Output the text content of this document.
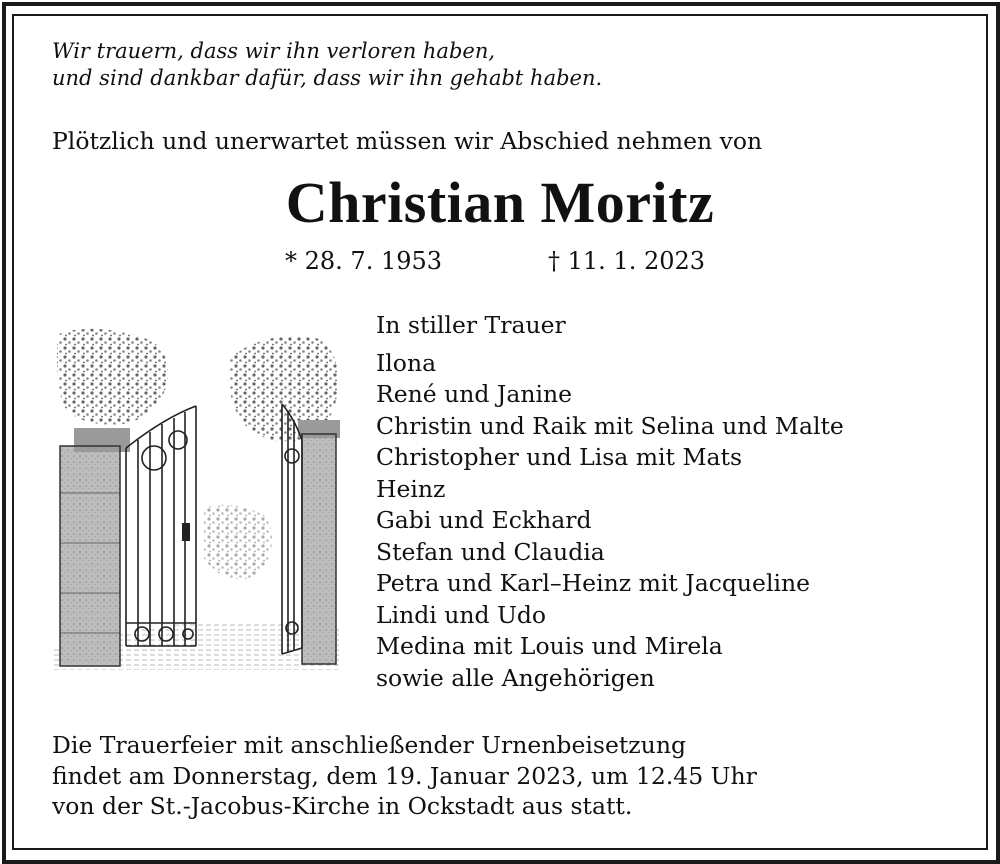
Wir trauern, dass wir ihn verloren haben,
und sind dankbar dafür, dass wir ihn gehabt haben.
Plötzlich und unerwartet müssen wir Abschied nehmen von
Christian Moritz
* 28. 7. 1953	† 11. 1. 2023
In stiller Trauer
Ilona
René und Janine
Christin und Raik mit Selina und Malte
Christopher und Lisa mit Mats
Heinz
Gabi und Eckhard
Stefan und Claudia
Petra und Karl–Heinz mit Jacqueline
Lindi und Udo
Medina mit Louis und Mirela
sowie alle Angehörigen
Die Trauerfeier mit anschließender Urnenbeisetzung
findet am Donnerstag, dem 19. Januar 2023, um 12.45 Uhr
von der St.-Jacobus-Kirche in Ockstadt aus statt.
